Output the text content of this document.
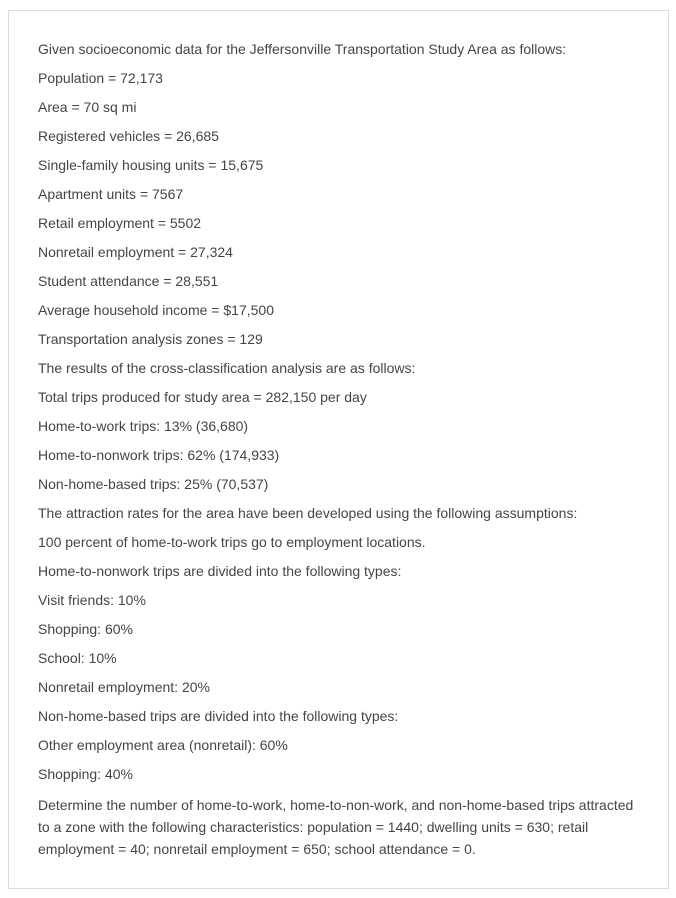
Given socioeconomic data for the Jeffersonville Transportation Study Area as follows:
Population = 72,173
Area = 70 sq mi
Registered vehicles = 26,685
Single-family housing units = 15,675
Apartment units = 7567
Retail employment = 5502
Nonretail employment = 27,324
Student attendance = 28,551
Average household income = $17,500
Transportation analysis zones = 129
The results of the cross-classification analysis are as follows:
Total trips produced for study area = 282,150 per day
Home-to-work trips: 13% (36,680)
Home-to-nonwork trips: 62% (174,933)
Non-home-based trips: 25% (70,537)
The attraction rates for the area have been developed using the following assumptions:
100 percent of home-to-work trips go to employment locations.
Home-to-nonwork trips are divided into the following types:
Visit friends: 10%
Shopping: 60%
School: 10%
Nonretail employment: 20%
Non-home-based trips are divided into the following types:
Other employment area (nonretail): 60%
Shopping: 40%
Determine the number of home-to-work, home-to-non-work, and non-home-based trips attracted to a zone with the following characteristics: population = 1440; dwelling units = 630; retail employment = 40; nonretail employment = 650; school attendance = 0.
